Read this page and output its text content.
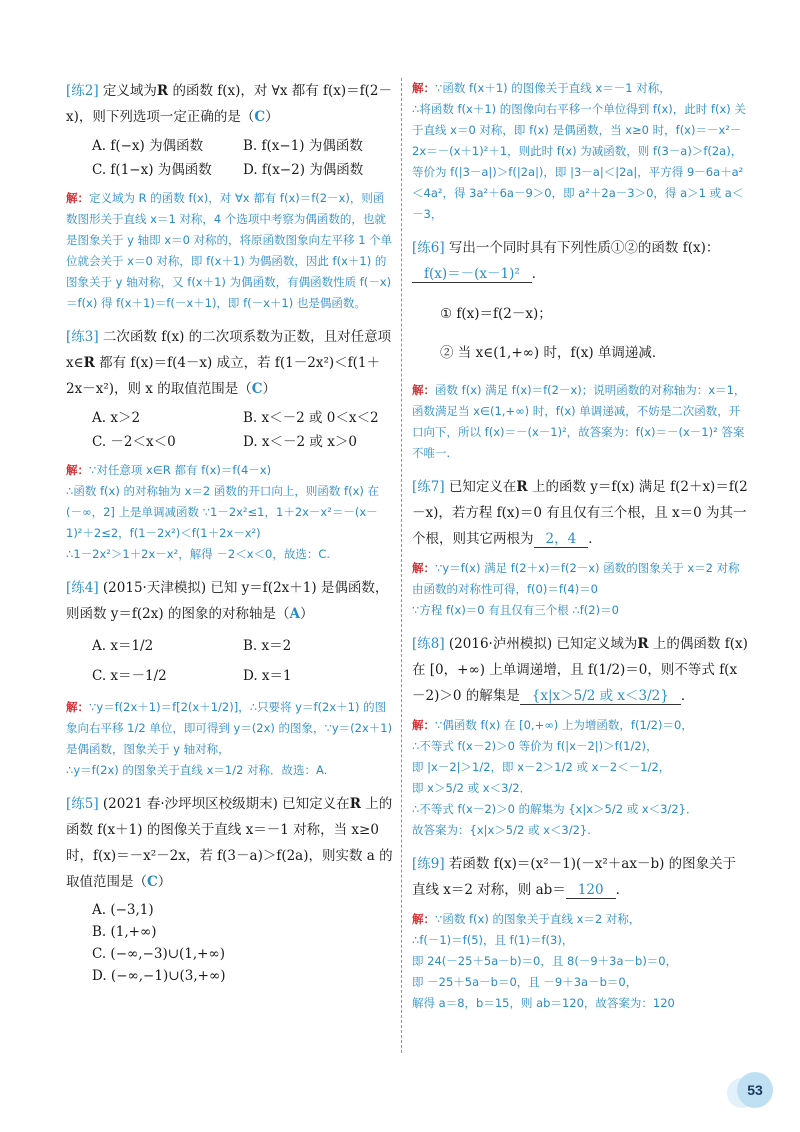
[练2] 定义域为R 的函数 f(x)，对 ∀x 都有 f(x)＝f(2－x)，则下列选项一定正确的是（C）

A. f(−x) 为偶函数	B. f(x−1) 为偶函数
C. f(1−x) 为偶函数	D. f(x−2) 为偶函数

解：定义域为 R 的函数 f(x)，对 ∀x 都有 f(x)＝f(2－x)，则函数图形关于直线 x＝1 对称，4 个选项中考察为偶函数的，也就是图象关于 y 轴即 x＝0 对称的，将原函数图象向左平移 1 个单位就会关于 x＝0 对称，即 f(x＋1) 为偶函数，因此 f(x＋1) 的图象关于 y 轴对称，又 f(x＋1) 为偶函数，有偶函数性质 f(－x)＝f(x) 得 f(x＋1)＝f(－x＋1)，即 f(－x＋1) 也是偶函数。

[练3] 二次函数 f(x) 的二次项系数为正数，且对任意项 x∈R 都有 f(x)＝f(4－x) 成立，若 f(1－2x²)＜f(1＋2x－x²)，则 x 的取值范围是（C）

A. x＞2	B. x＜－2 或 0＜x＜2
C. －2＜x＜0	D. x＜－2 或 x＞0

解：∵对任意项 x∈R 都有 f(x)＝f(4－x)
∴函数 f(x) 的对称轴为 x＝2 函数的开口向上，则函数 f(x) 在 (－∞，2] 上是单调减函数 ∵1－2x²≤1，1＋2x－x²＝－(x－1)²＋2≤2，f(1－2x²)＜f(1＋2x－x²)
∴1－2x²＞1＋2x－x²，解得 －2＜x＜0，故选：C.

[练4] (2015·天津模拟) 已知 y＝f(2x＋1) 是偶函数，则函数 y＝f(2x) 的图象的对称轴是（A）

A. x＝1/2	B. x＝2
C. x＝－1/2	D. x＝1

解：∵y＝f(2x＋1)＝f[2(x＋1/2)]，∴只要将 y＝f(2x＋1) 的图象向右平移 1/2 单位，即可得到 y＝(2x) 的图象，∵y＝(2x＋1) 是偶函数，图象关于 y 轴对称，
∴y＝f(2x) 的图象关于直线 x＝1/2 对称．故选：A.

[练5] (2021 春·沙坪坝区校级期末) 已知定义在R 上的函数 f(x＋1) 的图像关于直线 x＝－1 对称，当 x≥0 时，f(x)＝－x²－2x，若 f(3－a)＞f(2a)，则实数 a 的取值范围是（C）

A. (−3,1)
B. (1,+∞)
C. (−∞,−3)∪(1,+∞)
D. (−∞,−1)∪(3,+∞)

解：∵函数 f(x＋1) 的图像关于直线 x＝－1 对称，
∴将函数 f(x＋1) 的图像向右平移一个单位得到 f(x)，此时 f(x) 关于直线 x＝0 对称，即 f(x) 是偶函数，当 x≥0 时，f(x)＝－x²－2x＝－(x＋1)²＋1，则此时 f(x) 为减函数，则 f(3－a)＞f(2a)，等价为 f(|3－a|)＞f(|2a|)，即 |3－a|＜|2a|，平方得 9－6a＋a²＜4a²，得 3a²＋6a－9＞0，即 a²＋2a－3＞0，得 a＞1 或 a＜－3，

[练6] 写出一个同时具有下列性质①②的函数 f(x)：

f(x)＝－(x－1)² ．

① f(x)＝f(2－x)；

② 当 x∈(1,+∞) 时，f(x) 单调递减．

解：函数 f(x) 满足 f(x)＝f(2－x)；说明函数的对称轴为：x＝1，函数满足当 x∈(1,+∞) 时，f(x) 单调递减，不妨是二次函数，开口向下，所以 f(x)＝－(x－1)²，故答案为：f(x)＝－(x－1)² 答案不唯一.

[练7] 已知定义在R 上的函数 y＝f(x) 满足 f(2＋x)＝f(2－x)，若方程 f(x)＝0 有且仅有三个根，且 x＝0 为其一个根，则其它两根为 2，4 ．

解：∵y＝f(x) 满足 f(2＋x)＝f(2－x) 函数的图象关于 x＝2 对称由函数的对称性可得，f(0)＝f(4)＝0
∵方程 f(x)＝0 有且仅有三个根 ∴f(2)＝0

[练8] (2016·泸州模拟) 已知定义域为R 上的偶函数 f(x) 在 [0，+∞) 上单调递增，且 f(1/2)＝0，则不等式 f(x－2)＞0 的解集是 {x|x＞5/2 或 x＜3/2} ．

解：∵偶函数 f(x) 在 [0,+∞) 上为增函数，f(1/2)＝0，
∴不等式 f(x－2)＞0 等价为 f(|x－2|)＞f(1/2)，
即 |x－2|＞1/2，即 x－2＞1/2 或 x－2＜－1/2，
即 x＞5/2 或 x＜3/2．
∴不等式 f(x－2)＞0 的解集为 {x|x＞5/2 或 x＜3/2}．
故答案为：{x|x＞5/2 或 x＜3/2}.

[练9] 若函数 f(x)＝(x²－1)(－x²＋ax－b) 的图象关于直线 x＝2 对称，则 ab＝ 120 ．

解：∵函数 f(x) 的图象关于直线 x＝2 对称，
∴f(－1)＝f(5)，且 f(1)＝f(3)，
即 24(－25＋5a－b)＝0，且 8(－9＋3a－b)＝0，
即 －25＋5a－b＝0，且 －9＋3a－b＝0，
解得 a＝8，b＝15，则 ab＝120，故答案为：120

53
